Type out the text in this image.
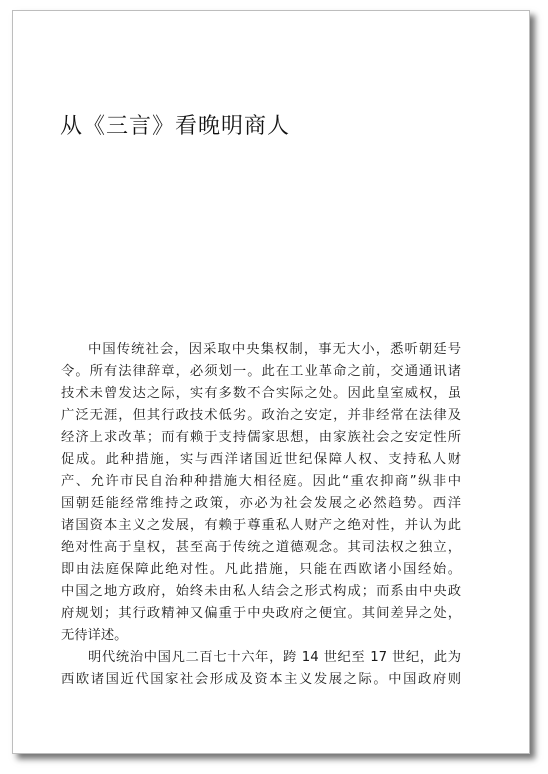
从《三言》看晚明商人

中国传统社会，因采取中央集权制，事无大小，悉听朝廷号
令。所有法律辞章，必须划一。此在工业革命之前，交通通讯诸
技术未曾发达之际，实有多数不合实际之处。因此皇室威权，虽
广泛无涯，但其行政技术低劣。政治之安定，并非经常在法律及
经济上求改革；而有赖于支持儒家思想，由家族社会之安定性所
促成。此种措施，实与西洋诸国近世纪保障人权、支持私人财
产、允许市民自治种种措施大相径庭。因此“重农抑商”纵非中
国朝廷能经常维持之政策，亦必为社会发展之必然趋势。西洋
诸国资本主义之发展，有赖于尊重私人财产之绝对性，并认为此
绝对性高于皇权，甚至高于传统之道德观念。其司法权之独立，
即由法庭保障此绝对性。凡此措施，只能在西欧诸小国经始。
中国之地方政府，始终未由私人结会之形式构成；而系由中央政
府规划；其行政精神又偏重于中央政府之便宜。其间差异之处，
无待详述。

明代统治中国凡二百七十六年，跨 14 世纪至 17 世纪，此为
西欧诸国近代国家社会形成及资本主义发展之际。中国政府则
